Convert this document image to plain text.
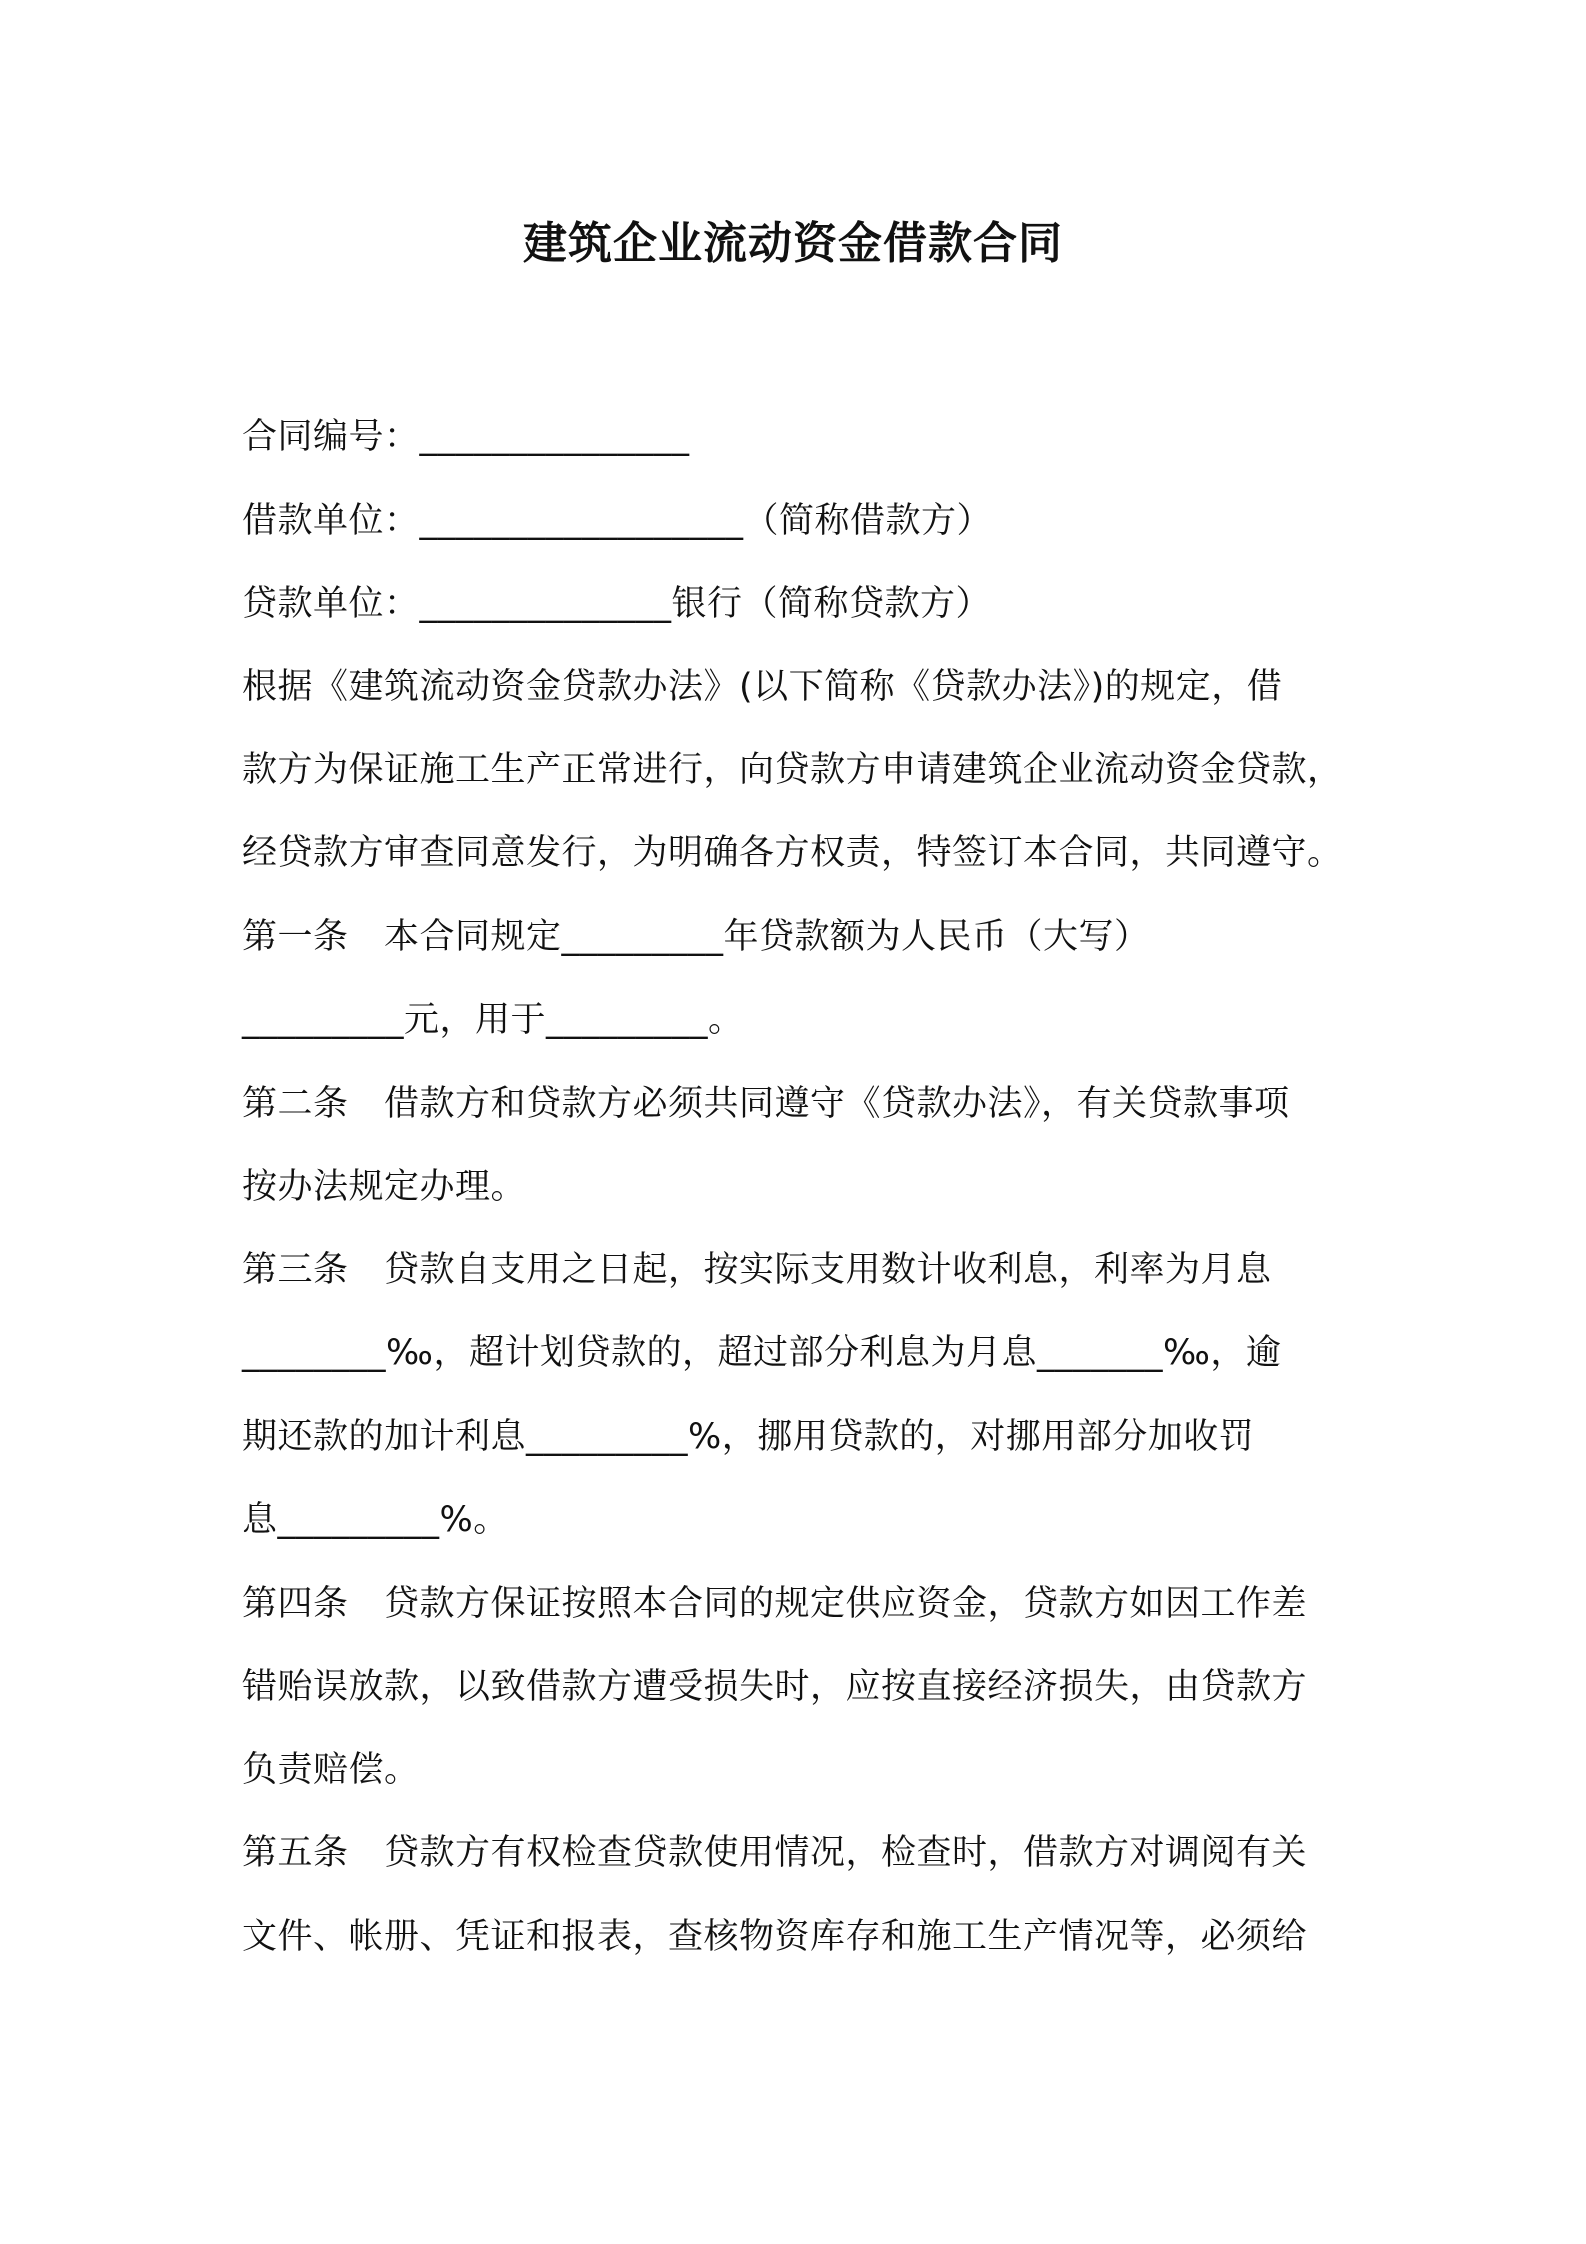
建筑企业流动资金借款合同
合同编号：_______________
借款单位：__________________（简称借款方）
贷款单位：______________银行（简称贷款方）
根据《建筑流动资金贷款办法》(以下简称《贷款办法》)的规定，借
款方为保证施工生产正常进行，向贷款方申请建筑企业流动资金贷款，
经贷款方审查同意发行，为明确各方权责，特签订本合同，共同遵守。
第一条　本合同规定_________年贷款额为人民币（大写）
_________元，用于_________。
第二条　借款方和贷款方必须共同遵守《贷款办法》，有关贷款事项
按办法规定办理。
第三条　贷款自支用之日起，按实际支用数计收利息，利率为月息
________‰，超计划贷款的，超过部分利息为月息_______‰，逾
期还款的加计利息_________%，挪用贷款的，对挪用部分加收罚
息_________%。
第四条　贷款方保证按照本合同的规定供应资金，贷款方如因工作差
错贻误放款，以致借款方遭受损失时，应按直接经济损失，由贷款方
负责赔偿。
第五条　贷款方有权检查贷款使用情况，检查时，借款方对调阅有关
文件、帐册、凭证和报表，查核物资库存和施工生产情况等，必须给
